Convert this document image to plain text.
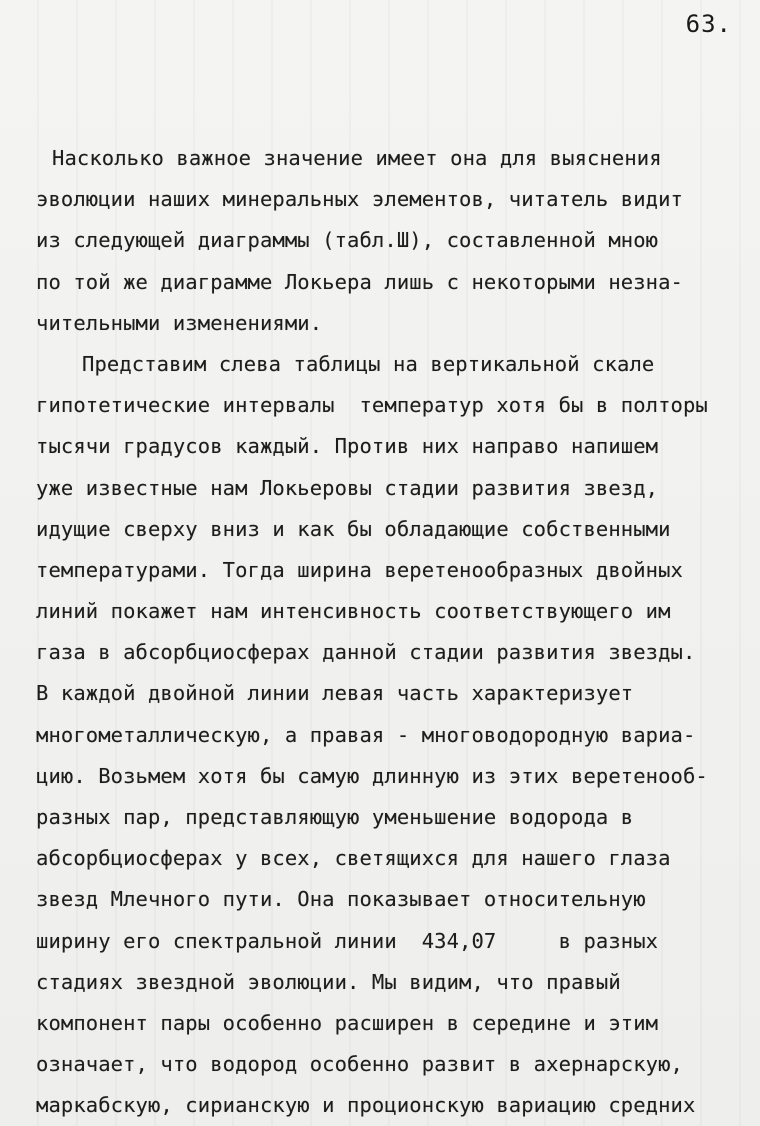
63.
Насколько важное значение имеет она для выяснения
эволюции наших минеральных элементов, читатель видит
из следующей диаграммы (табл.Ш), составленной мною
по той же диаграмме Локьера лишь с некоторыми незна-
чительными изменениями.
Представим слева таблицы на вертикальной скале
гипотетические интервалы  температур хотя бы в полторы
тысячи градусов каждый. Против них направо напишем
уже известные нам Локьеровы стадии развития звезд,
идущие сверху вниз и как бы обладающие собственными
температурами. Тогда ширина веретенообразных двойных
линий покажет нам интенсивность соответствующего им
газа в абсорбциосферах данной стадии развития звезды.
В каждой двойной линии левая часть характеризует
многометаллическую, а правая - многоводородную вариа-
цию. Возьмем хотя бы самую длинную из этих веретенооб-
разных пар, представляющую уменьшение водорода в
абсорбциосферах у всех, светящихся для нашего глаза
звезд Млечного пути. Она показывает относительную
ширину его спектральной линии  434,07     в разных
стадиях звездной эволюции. Мы видим, что правый
компонент пары особенно расширен в середине и этим
означает, что водород особенно развит в ахернарскую,
маркабскую, сирианскую и проционскую вариацию средних
